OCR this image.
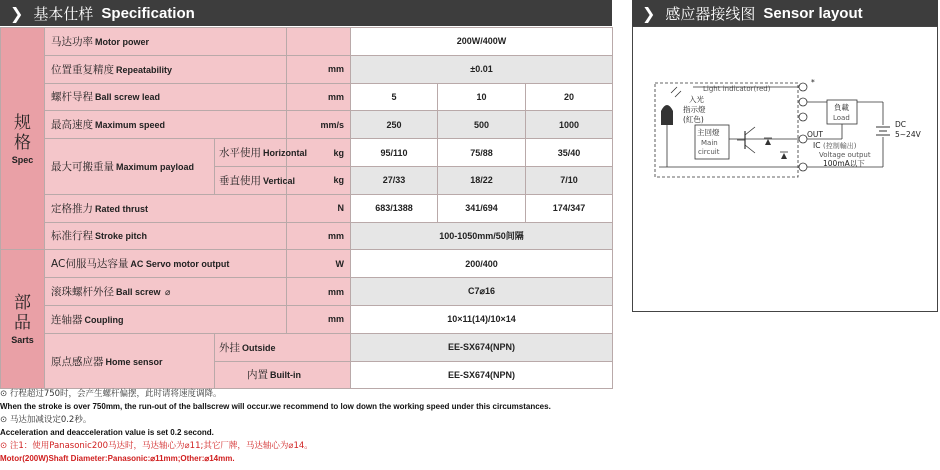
❯ 基本仕样 Specification	❯ 感应器接线图 Sensor layout
规
格
Spec	马达功率 Motor power			200W/400W		
	位置重复精度 Repeatability		mm	±0.01		
	螺杆导程 Ball screw lead		mm	5	10	20
	最高速度 Maximum speed		mm/s	250	500	1000
	最大可搬重量 Maximum payload	水平使用 Horizontal	kg	95/110	75/88	35/40
		垂直使用 Vertical	kg	27/33	18/22	7/10
	定格推力 Rated thrust		N	683/1388	341/694	174/347
	标准行程 Stroke pitch		mm	100-1050mm/50间隔		

部
品
Sarts	AC伺服马达容量 AC Servo motor output		W	200/400		
	滚珠螺杆外径 Ball screw ⌀		mm	C7⌀16		
	连轴器 Coupling		mm	10×11(14)/10×14		
	原点感应器 Home sensor	外挂 Outside		EE-SX674(NPN)		
		内置 Built-in		EE-SX674(NPN)		
⊙ 行程超过750时，会产生螺杆偏摆，此时请将速度调降。
When the stroke is over 750mm, the run-out of the ballscrew will occur.we recommend to low down the working speed under this circumstances.
⊙ 马达加减设定0.2秒。
Acceleration and deacceleration value is set 0.2 second.
⊙ 注1：使用Panasonic200马达时，马达轴心为⌀11;其它厂牌，马达轴心为⌀14。
Motor(200W)Shaft Diameter:Panasonic:⌀11mm;Other:⌀14mm.
Light indicator(red)
入光
指示燈
(紅色)
主回燈
Main
circuit
OUT
IC (控制輸出)
Voltage output
100mA以下
*
負載
Load
DC
5~24V
